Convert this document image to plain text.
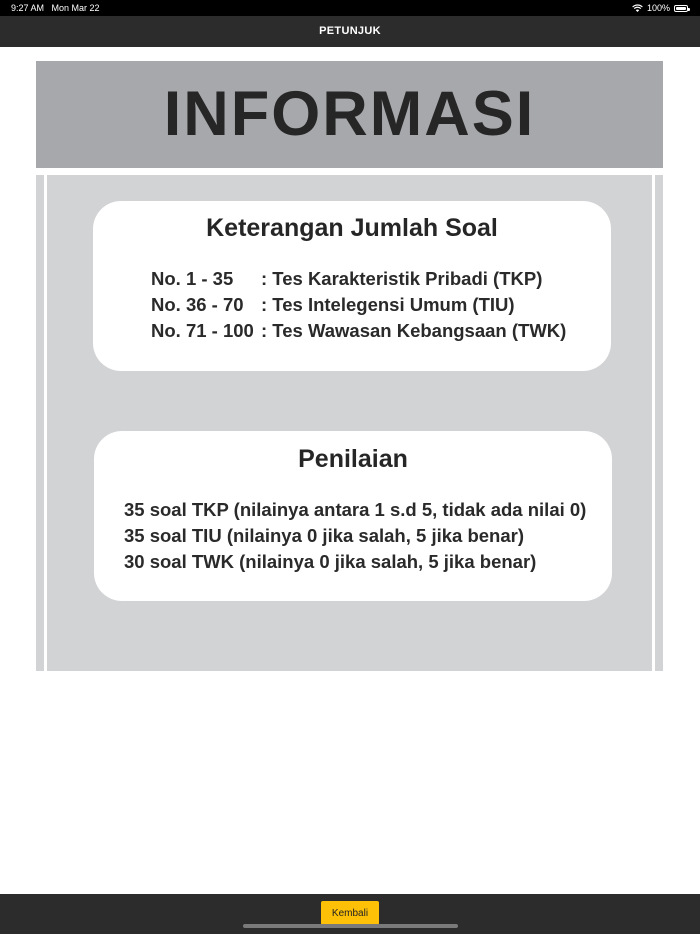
9:27 AM Mon Mar 22	100%
PETUNJUK
INFORMASI
Keterangan Jumlah Soal
No. 1 - 35 : Tes Karakteristik Pribadi (TKP)
No. 36 - 70 : Tes Intelegensi Umum (TIU)
No. 71 - 100 : Tes Wawasan Kebangsaan (TWK)
Penilaian
35 soal TKP (nilainya antara 1 s.d 5, tidak ada nilai 0)
35 soal TIU (nilainya 0 jika salah, 5 jika benar)
30 soal TWK (nilainya 0 jika salah, 5 jika benar)
Kembali
